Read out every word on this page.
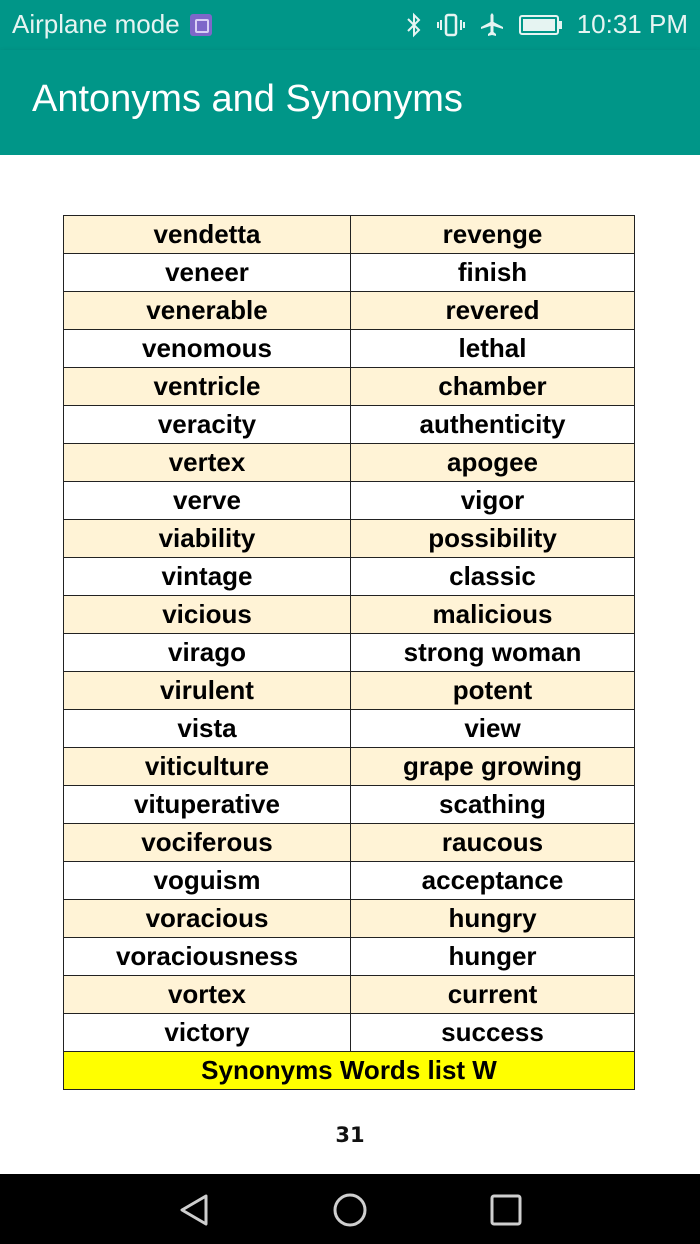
Airplane mode	10:31 PM
Antonyms and Synonyms
vendetta	revenge
veneer	finish
venerable	revered
venomous	lethal
ventricle	chamber
veracity	authenticity
vertex	apogee
verve	vigor
viability	possibility
vintage	classic
vicious	malicious
virago	strong woman
virulent	potent
vista	view
viticulture	grape growing
vituperative	scathing
vociferous	raucous
voguism	acceptance
voracious	hungry
voraciousness	hunger
vortex	current
victory	success
Synonyms Words list W	
31
